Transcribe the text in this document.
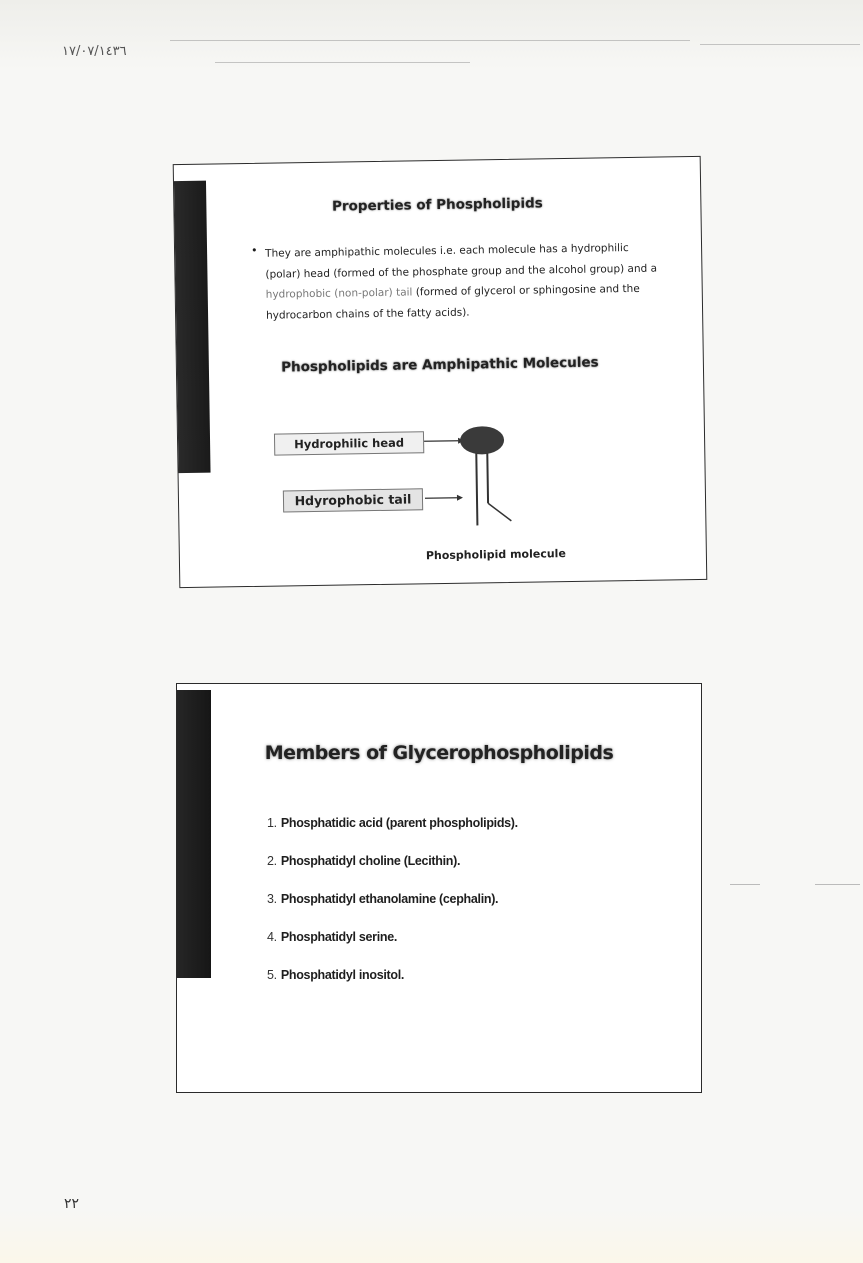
١٧/٠٧/١٤٣٦
Properties of Phospholipids
• They are amphipathic molecules i.e. each molecule has a hydrophilic (polar) head (formed of the phosphate group and the alcohol group) and a hydrophobic (non-polar) tail (formed of glycerol or sphingosine and the hydrocarbon chains of the fatty acids).
Phospholipids are Amphipathic Molecules
Hydrophilic head
Hdyrophobic tail
Phospholipid molecule
Members of Glycerophospholipids
1. Phosphatidic acid (parent phospholipids).
2. Phosphatidyl choline (Lecithin).
3. Phosphatidyl ethanolamine (cephalin).
4. Phosphatidyl serine.
5. Phosphatidyl inositol.
٢٢
